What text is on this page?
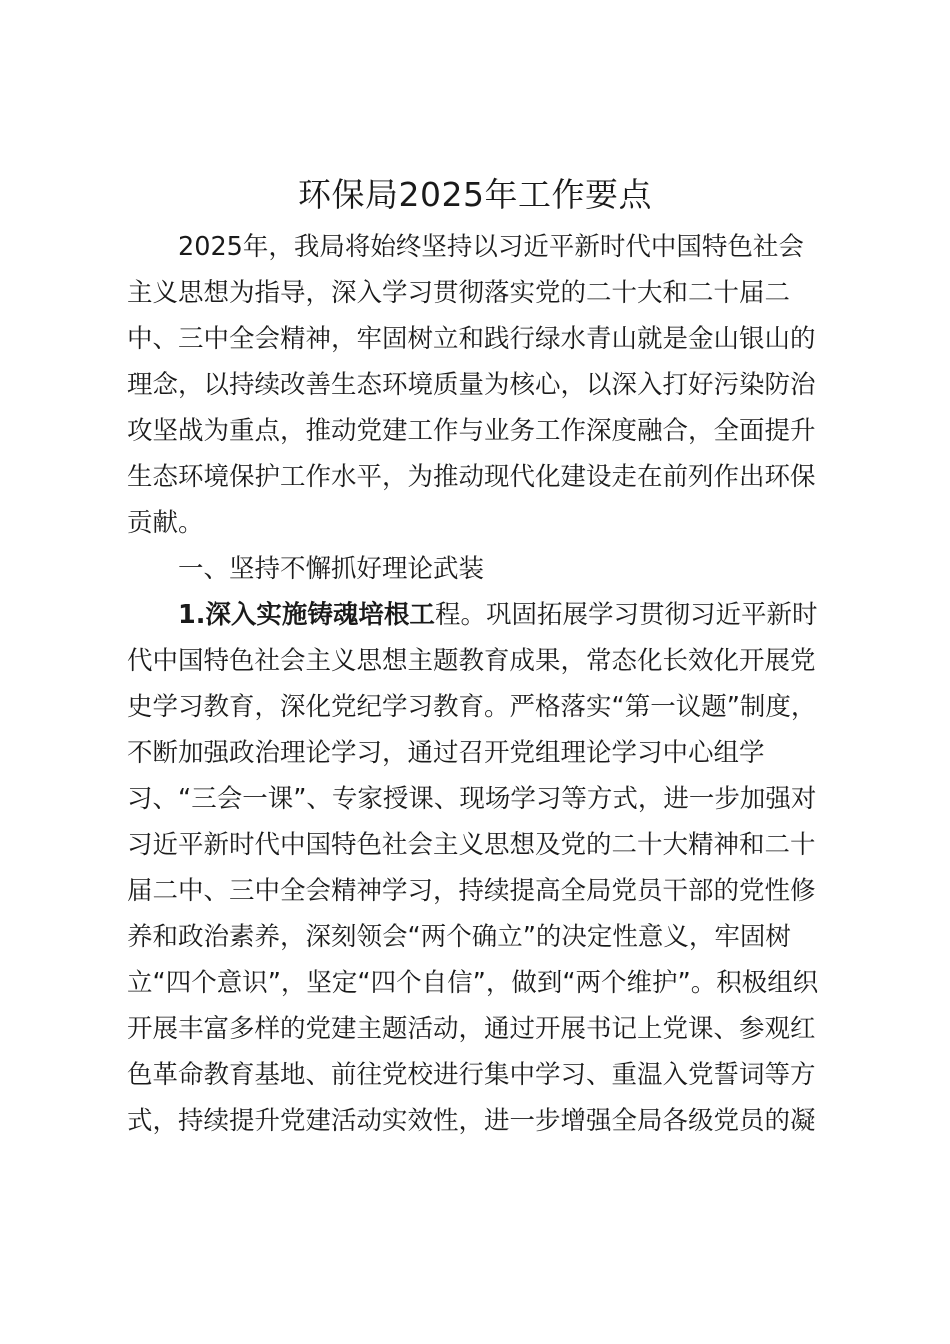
环保局2025年工作要点
　　2025年，我局将始终坚持以习近平新时代中国特色社会
主义思想为指导，深入学习贯彻落实党的二十大和二十届二
中、三中全会精神，牢固树立和践行绿水青山就是金山银山的
理念，以持续改善生态环境质量为核心，以深入打好污染防治
攻坚战为重点，推动党建工作与业务工作深度融合，全面提升
生态环境保护工作水平，为推动现代化建设走在前列作出环保
贡献。
　　一、坚持不懈抓好理论武装
　　1.深入实施铸魂培根工程。巩固拓展学习贯彻习近平新时
代中国特色社会主义思想主题教育成果，常态化长效化开展党
史学习教育，深化党纪学习教育。严格落实“第一议题”制度，
不断加强政治理论学习，通过召开党组理论学习中心组学
习、“三会一课”、专家授课、现场学习等方式，进一步加强对
习近平新时代中国特色社会主义思想及党的二十大精神和二十
届二中、三中全会精神学习，持续提高全局党员干部的党性修
养和政治素养，深刻领会“两个确立”的决定性意义，牢固树
立“四个意识”，坚定“四个自信”，做到“两个维护”。积极组织
开展丰富多样的党建主题活动，通过开展书记上党课、参观红
色革命教育基地、前往党校进行集中学习、重温入党誓词等方
式，持续提升党建活动实效性，进一步增强全局各级党员的凝
